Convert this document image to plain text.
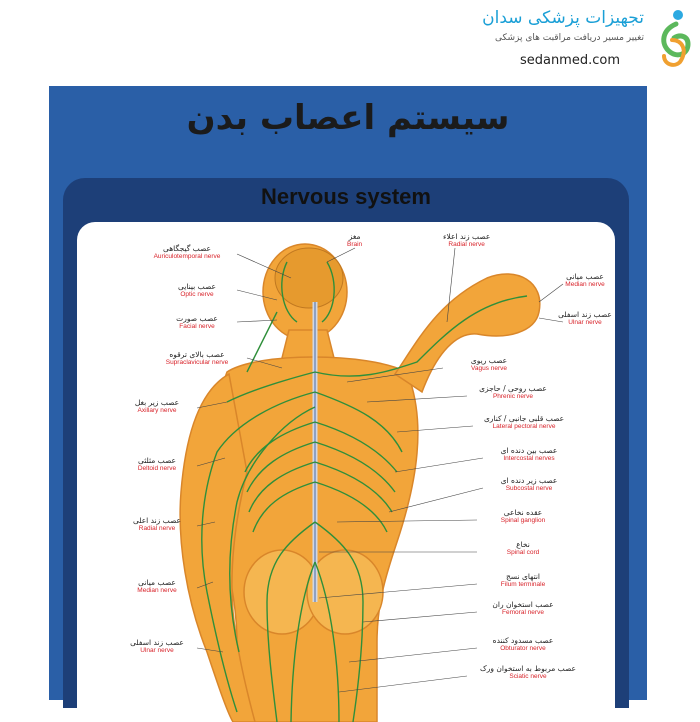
تجهیزات پزشکی سدان
تغییر مسیر دریافت مراقبت های پزشکی
sedanmed.com
سیستم اعصاب بدن
Nervous system
مغز
Brain
عصب زند اعلاء
Radial nerve
عصب گیجگاهی
Auriculotemporal nerve
عصب بینایی
Optic nerve
عصب صورت
Facial nerve
عصب بالای ترقوه
Supraclavicular nerve
عصب زیر بغل
Axillary nerve
عصب مثلثی
Deltoid nerve
عصب زند اعلی
Radial nerve
عصب میانی
Median nerve
عصب زند اسفلی
Ulnar nerve
عصب میانی
Median nerve
عصب زند اسفلی
Ulnar nerve
عصب ریوی
Vagus nerve
عصب روحی / حاجزی
Phrenic nerve
عصب قلبی جانبی / کناری
Lateral pectoral nerve
عصب بین دنده ای
Intercostal nerves
عصب زیر دنده ای
Subcostal nerve
عقده نخاعی
Spinal ganglion
نخاع
Spinal cord
انتهای نسج
Filum terminale
عصب استخوان ران
Femoral nerve
عصب مسدود کننده
Obturator nerve
عصب مربوط به استخوان ورک
Sciatic nerve
